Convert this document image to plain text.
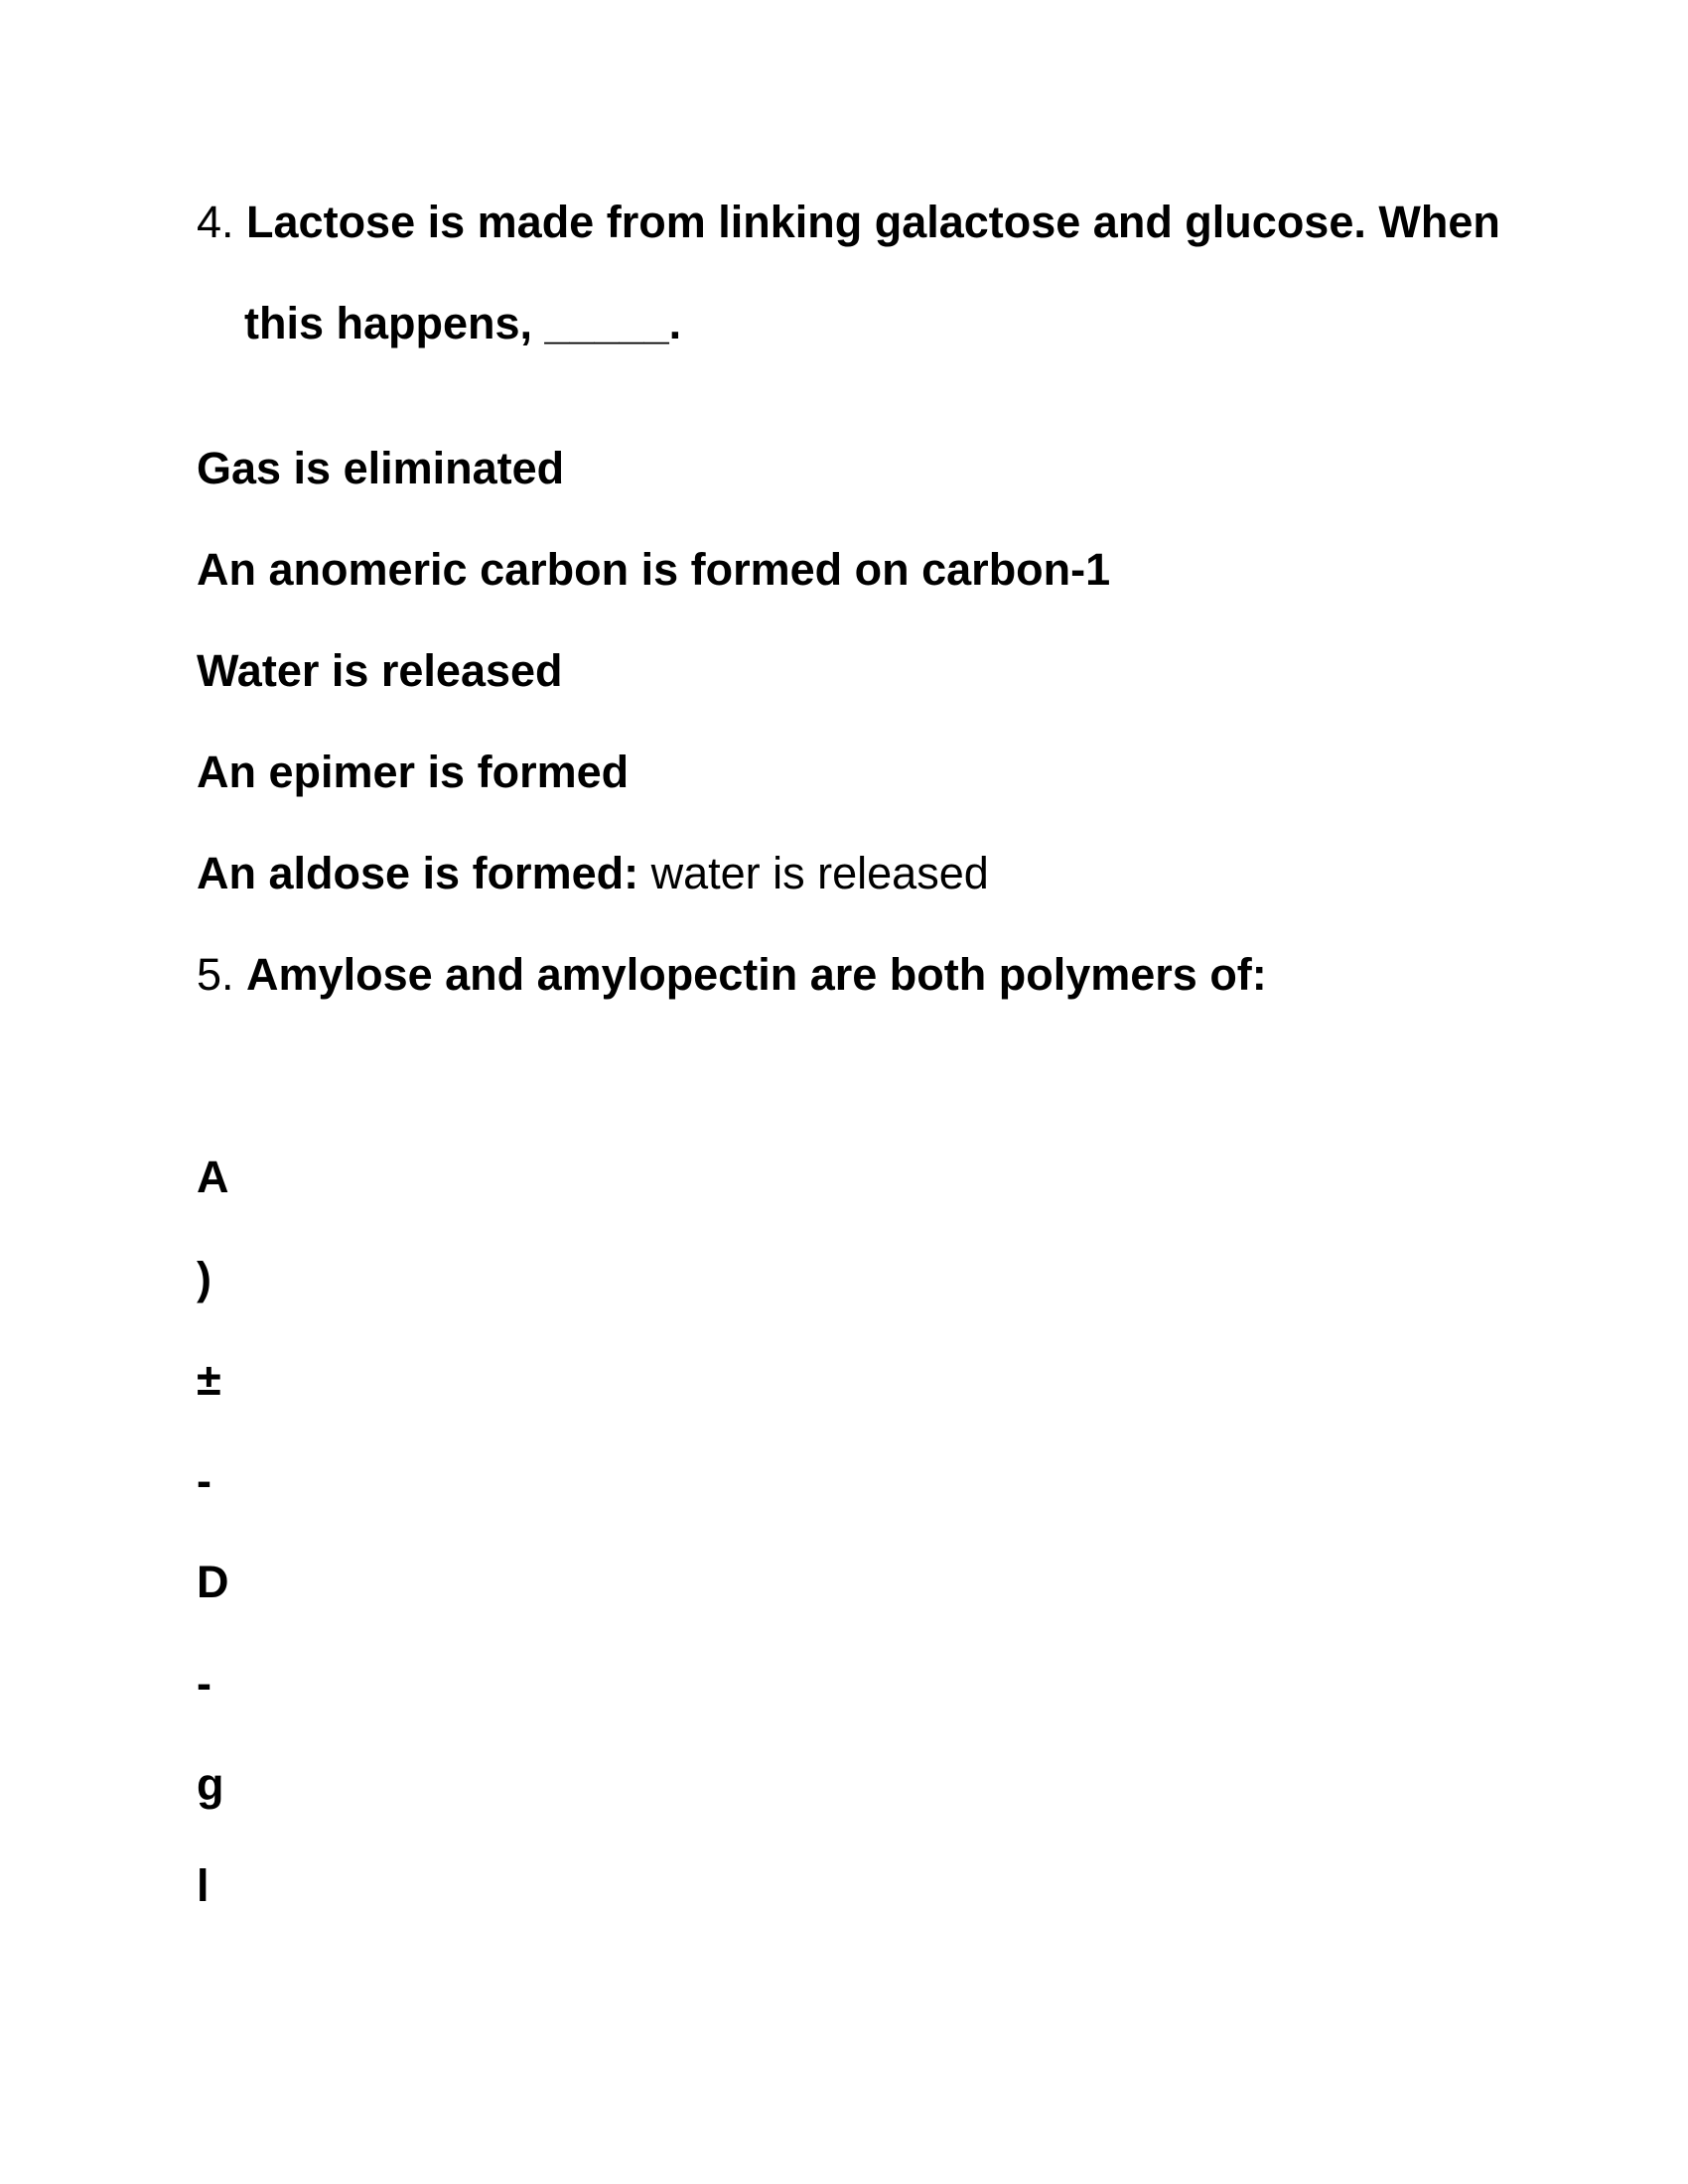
4. Lactose is made from linking galactose and glucose. When
this happens, _____.
Gas is eliminated
An anomeric carbon is formed on carbon-1
Water is released
An epimer is formed
An aldose is formed: water is released
5. Amylose and amylopectin are both polymers of:
A
)
±
-
D
-
g
l
